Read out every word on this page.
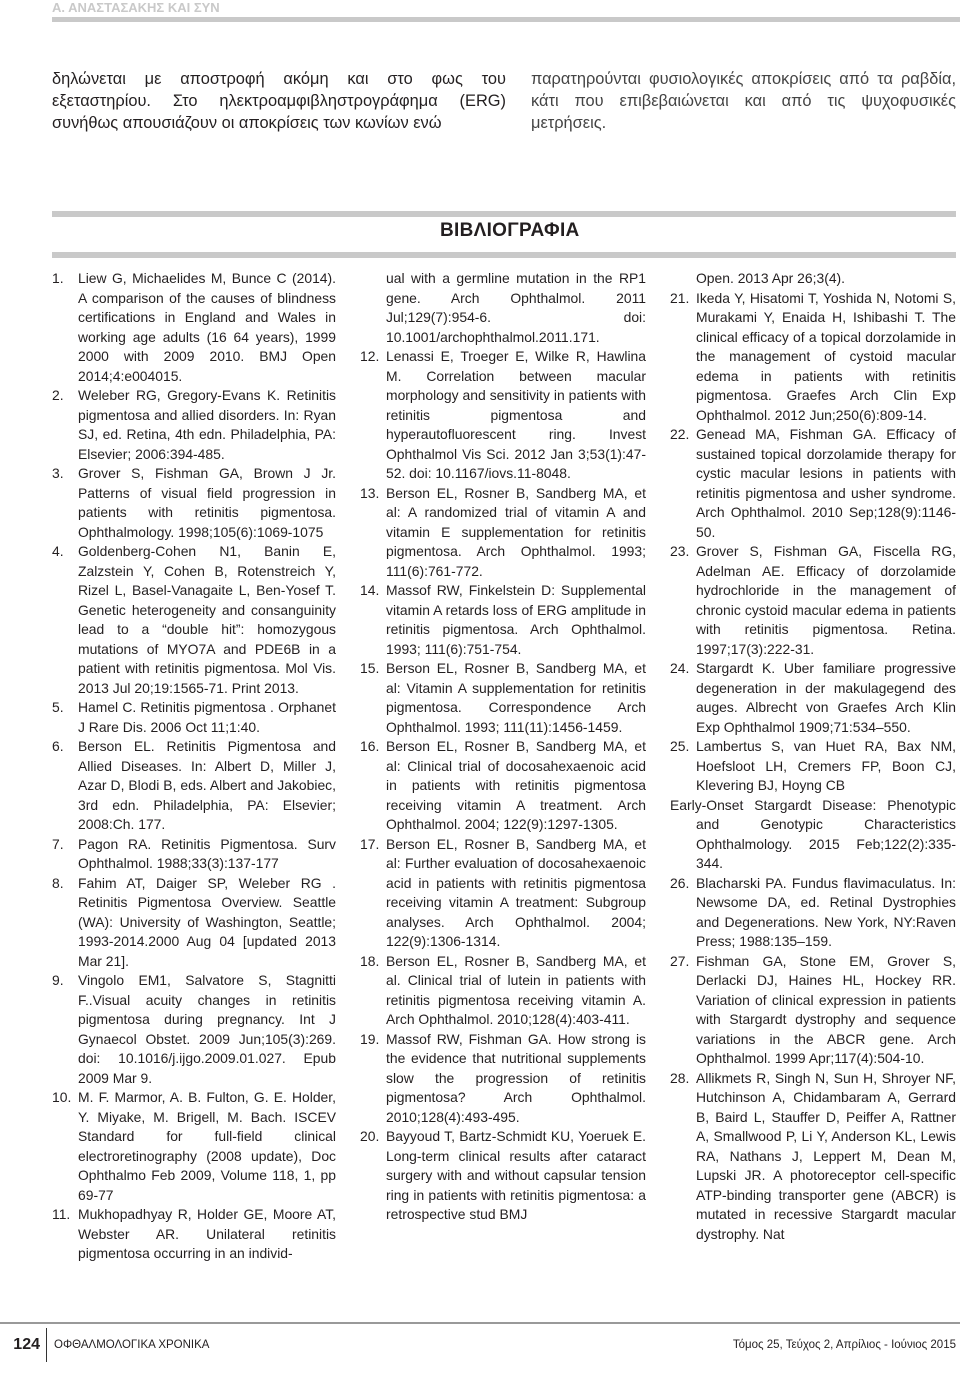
Α. ΑΝΑΣΤΑΣΑΚΗΣ ΚΑΙ ΣΥΝ

δηλώνεται με αποστροφή ακόμη και στο φως του εξεταστηρίου. Στο ηλεκτροαμφιβληστρογράφημα (ERG) συνήθως απουσιάζουν οι αποκρίσεις των κωνίων ενώ

παρατηρούνται φυσιολογικές αποκρίσεις από τα ραβδία, κάτι που επιβεβαιώνεται και από τις ψυχοφυσικές μετρήσεις.

ΒΙΒΛΙΟΓΡΑΦΙΑ
1.	Liew G, Michaelides M, Bunce C (2014). A comparison of the causes of blindness certifications in England and Wales in working age adults (16 64 years), 1999 2000 with 2009 2010. BMJ Open 2014;4:e004015.
2.	Weleber RG, Gregory-Evans K. Retinitis pigmentosa and allied disorders. In: Ryan SJ, ed. Retina, 4th edn. Philadelphia, PA: Elsevier; 2006:394-485.
3.	Grover S, Fishman GA, Brown J Jr. Patterns of visual field progression in patients with retinitis pigmentosa. Ophthalmology. 1998;105(6):1069-1075
4.	Goldenberg-Cohen N1, Banin E, Zalzstein Y, Cohen B, Rotenstreich Y, Rizel L, Basel-Vanagaite L, Ben-Yosef T. Genetic heterogeneity and consanguinity lead to a “double hit”: homozygous mutations of MYO7A and PDE6B in a patient with retinitis pigmentosa. Mol Vis. 2013 Jul 20;19:1565-71. Print 2013.
5.	Hamel C. Retinitis pigmentosa . Orphanet J Rare Dis. 2006 Oct 11;1:40.
6.	Berson EL. Retinitis Pigmentosa and Allied Diseases. In: Albert D, Miller J, Azar D, Blodi B, eds. Albert and Jakobiec, 3rd edn. Philadelphia, PA: Elsevier; 2008:Ch. 177.
7.	Pagon RA. Retinitis Pigmentosa. Surv Ophthalmol. 1988;33(3):137-177
8.	Fahim AT, Daiger SP, Weleber RG . Retinitis Pigmentosa Overview. Seattle (WA): University of Washington, Seattle; 1993-2014.2000 Aug 04 [updated 2013 Mar 21].
9.	Vingolo EM1, Salvatore S, Stagnitti F..Visual acuity changes in retinitis pigmentosa during pregnancy. Int J Gynaecol Obstet. 2009 Jun;105(3):269. doi: 10.1016/j.ijgo.2009.01.027. Epub 2009 Mar 9.
10. M. F. Marmor, A. B. Fulton, G. E. Holder, Y. Miyake, M. Brigell, M. Bach. ISCEV Standard for full-field clinical electroretinography (2008 update), Doc Ophthalmo Feb 2009, Volume 118, 1, pp 69-77
11. Mukhopadhyay R, Holder GE, Moore AT, Webster AR. Unilateral retinitis pigmentosa occurring in an individ-
ual with a germline mutation in the RP1 gene. Arch Ophthalmol. 2011 Jul;129(7):954-6. doi: 10.1001/archophthalmol.2011.171.
12. Lenassi E, Troeger E, Wilke R, Hawlina M. Correlation between macular morphology and sensitivity in patients with retinitis pigmentosa and hyperautofluorescent ring. Invest Ophthalmol Vis Sci. 2012 Jan 3;53(1):47-52. doi: 10.1167/iovs.11-8048.
13. Berson EL, Rosner B, Sandberg MA, et al: A randomized trial of vitamin A and vitamin E supplementation for retinitis pigmentosa. Arch Ophthalmol. 1993; 111(6):761-772.
14. Massof RW, Finkelstein D: Supplemental vitamin A retards loss of ERG amplitude in retinitis pigmentosa. Arch Ophthalmol. 1993; 111(6):751-754.
15. Berson EL, Rosner B, Sandberg MA, et al: Vitamin A supplementation for retinitis pigmentosa. Correspondence Arch Ophthalmol. 1993; 111(11):1456-1459.
16. Berson EL, Rosner B, Sandberg MA, et al: Clinical trial of docosahexaenoic acid in patients with retinitis pigmentosa receiving vitamin A treatment. Arch Ophthalmol. 2004; 122(9):1297-1305.
17. Berson EL, Rosner B, Sandberg MA, et al: Further evaluation of docosahexaenoic acid in patients with retinitis pigmentosa receiving vitamin A treatment: Subgroup analyses. Arch Ophthalmol. 2004; 122(9):1306-1314.
18. Berson EL, Rosner B, Sandberg MA, et al. Clinical trial of lutein in patients with retinitis pigmentosa receiving vitamin A. Arch Ophthalmol. 2010;128(4):403-411.
19. Massof RW, Fishman GA. How strong is the evidence that nutritional supplements slow the progression of retinitis pigmentosa? Arch Ophthalmol. 2010;128(4):493-495.
20. Bayyoud T, Bartz-Schmidt KU, Yoeruek E. Long-term clinical results after cataract surgery with and without capsular tension ring in patients with retinitis pigmentosa: a retrospective stud BMJ
Open. 2013 Apr 26;3(4).
21. Ikeda Y, Hisatomi T, Yoshida N, Notomi S, Murakami Y, Enaida H, Ishibashi T. The clinical efficacy of a topical dorzolamide in the management of cystoid macular edema in patients with retinitis pigmentosa. Graefes Arch Clin Exp Ophthalmol. 2012 Jun;250(6):809-14.
22. Genead MA, Fishman GA. Efficacy of sustained topical dorzolamide therapy for cystic macular lesions in patients with retinitis pigmentosa and usher syndrome. Arch Ophthalmol. 2010 Sep;128(9):1146-50.
23. Grover S, Fishman GA, Fiscella RG, Adelman AE. Efficacy of dorzolamide hydrochloride in the management of chronic cystoid macular edema in patients with retinitis pigmentosa. Retina. 1997;17(3):222-31.
24. Stargardt K. Uber familiare progressive degeneration in der makulagegend des auges. Albrecht von Graefes Arch Klin Exp Ophthalmol 1909;71:534–550.
25. Lambertus S, van Huet RA, Bax NM, Hoefsloot LH, Cremers FP, Boon CJ, Klevering BJ, Hoyng CB
Early-Onset Stargardt Disease: Phenotypic and Genotypic Characteristics Ophthalmology. 2015 Feb;122(2):335-344.
26. Blacharski PA. Fundus flavimaculatus. In: Newsome DA, ed. Retinal Dystrophies and Degenerations. New York, NY:Raven Press; 1988:135–159.
27. Fishman GA, Stone EM, Grover S, Derlacki DJ, Haines HL, Hockey RR. Variation of clinical expression in patients with Stargardt dystrophy and sequence variations in the ABCR gene. Arch Ophthalmol. 1999 Apr;117(4):504-10.
28. Allikmets R, Singh N, Sun H, Shroyer NF, Hutchinson A, Chidambaram A, Gerrard B, Baird L, Stauffer D, Peiffer A, Rattner A, Smallwood P, Li Y, Anderson KL, Lewis RA, Nathans J, Leppert M, Dean M, Lupski JR. A photoreceptor cell-specific ATP-binding transporter gene (ABCR) is mutated in recessive Stargardt macular dystrophy. Nat
124 ΟΦΘΑΛΜΟΛΟΓΙΚΑ ΧΡΟΝΙΚΑ	Τόμος 25, Τεύχος 2, Απρίλιος - Ιούνιος 2015
